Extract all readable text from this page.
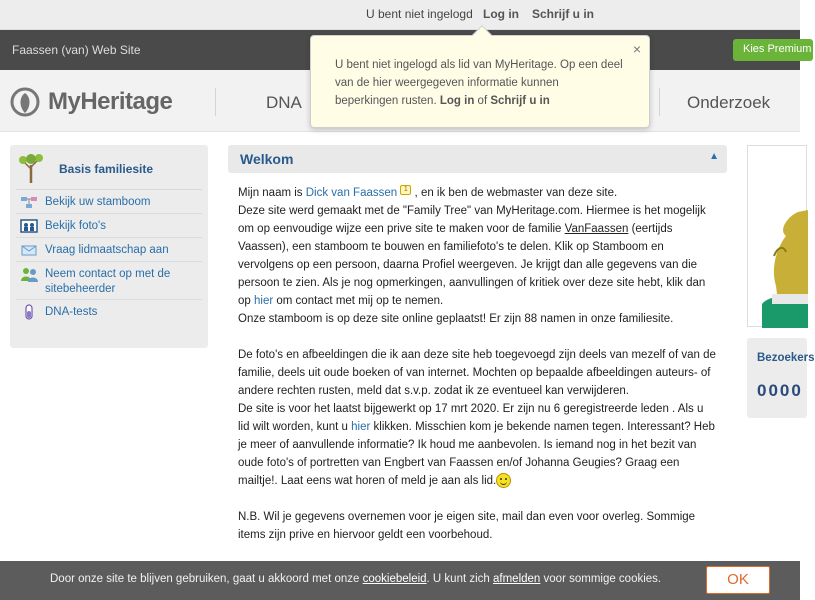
U bent niet ingelogd Log in Schrijf u in
Faassen (van) Web Site	Kies Premium
MyHeritage	DNA	Onderzoek
U bent niet ingelogd als lid van MyHeritage. Op een deel van de hier weergegeven informatie kunnen beperkingen rusten. Log in of Schrijf u in
×
Basis familiesite
Bekijk uw stamboom
Bekijk foto's
Vraag lidmaatschap aan
Neem contact op met de sitebeheerder
DNA-tests
Welkom	▲

Mijn naam is Dick van Faassen 1 , en ik ben de webmaster van deze site.

Deze site werd gemaakt met de "Family Tree" van MyHeritage.com. Hiermee is het mogelijk om op eenvoudige wijze een prive site te maken voor de familie VanFaassen (eertijds Vaassen), een stamboom te bouwen en familiefoto's te delen. Klik op Stamboom en vervolgens op een persoon, daarna Profiel weergeven. Je krijgt dan alle gegevens van die persoon te zien. Als je nog opmerkingen, aanvullingen of kritiek over deze site hebt, klik dan op hier om contact met mij op te nemen.

Onze stamboom is op deze site online geplaatst! Er zijn 88 namen in onze familiesite.

De foto's en afbeeldingen die ik aan deze site heb toegevoegd zijn deels van mezelf of van de familie, deels uit oude boeken of van internet. Mochten op bepaalde afbeeldingen auteurs- of andere rechten rusten, meld dat s.v.p. zodat ik ze eventueel kan verwijderen.

De site is voor het laatst bijgewerkt op 17 mrt 2020. Er zijn nu 6 geregistreerde leden . Als u lid wilt worden, kunt u hier klikken. Misschien kom je bekende namen tegen. Interessant? Heb je meer of aanvullende informatie? Ik houd me aanbevolen. Is iemand nog in het bezit van oude foto's of portretten van Engbert van Faassen en/of Johanna Geugies? Graag een mailtje!. Laat eens wat horen of meld je aan als lid.

N.B. Wil je gegevens overnemen voor je eigen site, mail dan even voor overleg. Sommige items zijn prive en hiervoor geldt een voorbehoud.

Bezoekers
0000
Door onze site te blijven gebruiken, gaat u akkoord met onze cookiebeleid. U kunt zich afmelden voor sommige cookies.	OK
